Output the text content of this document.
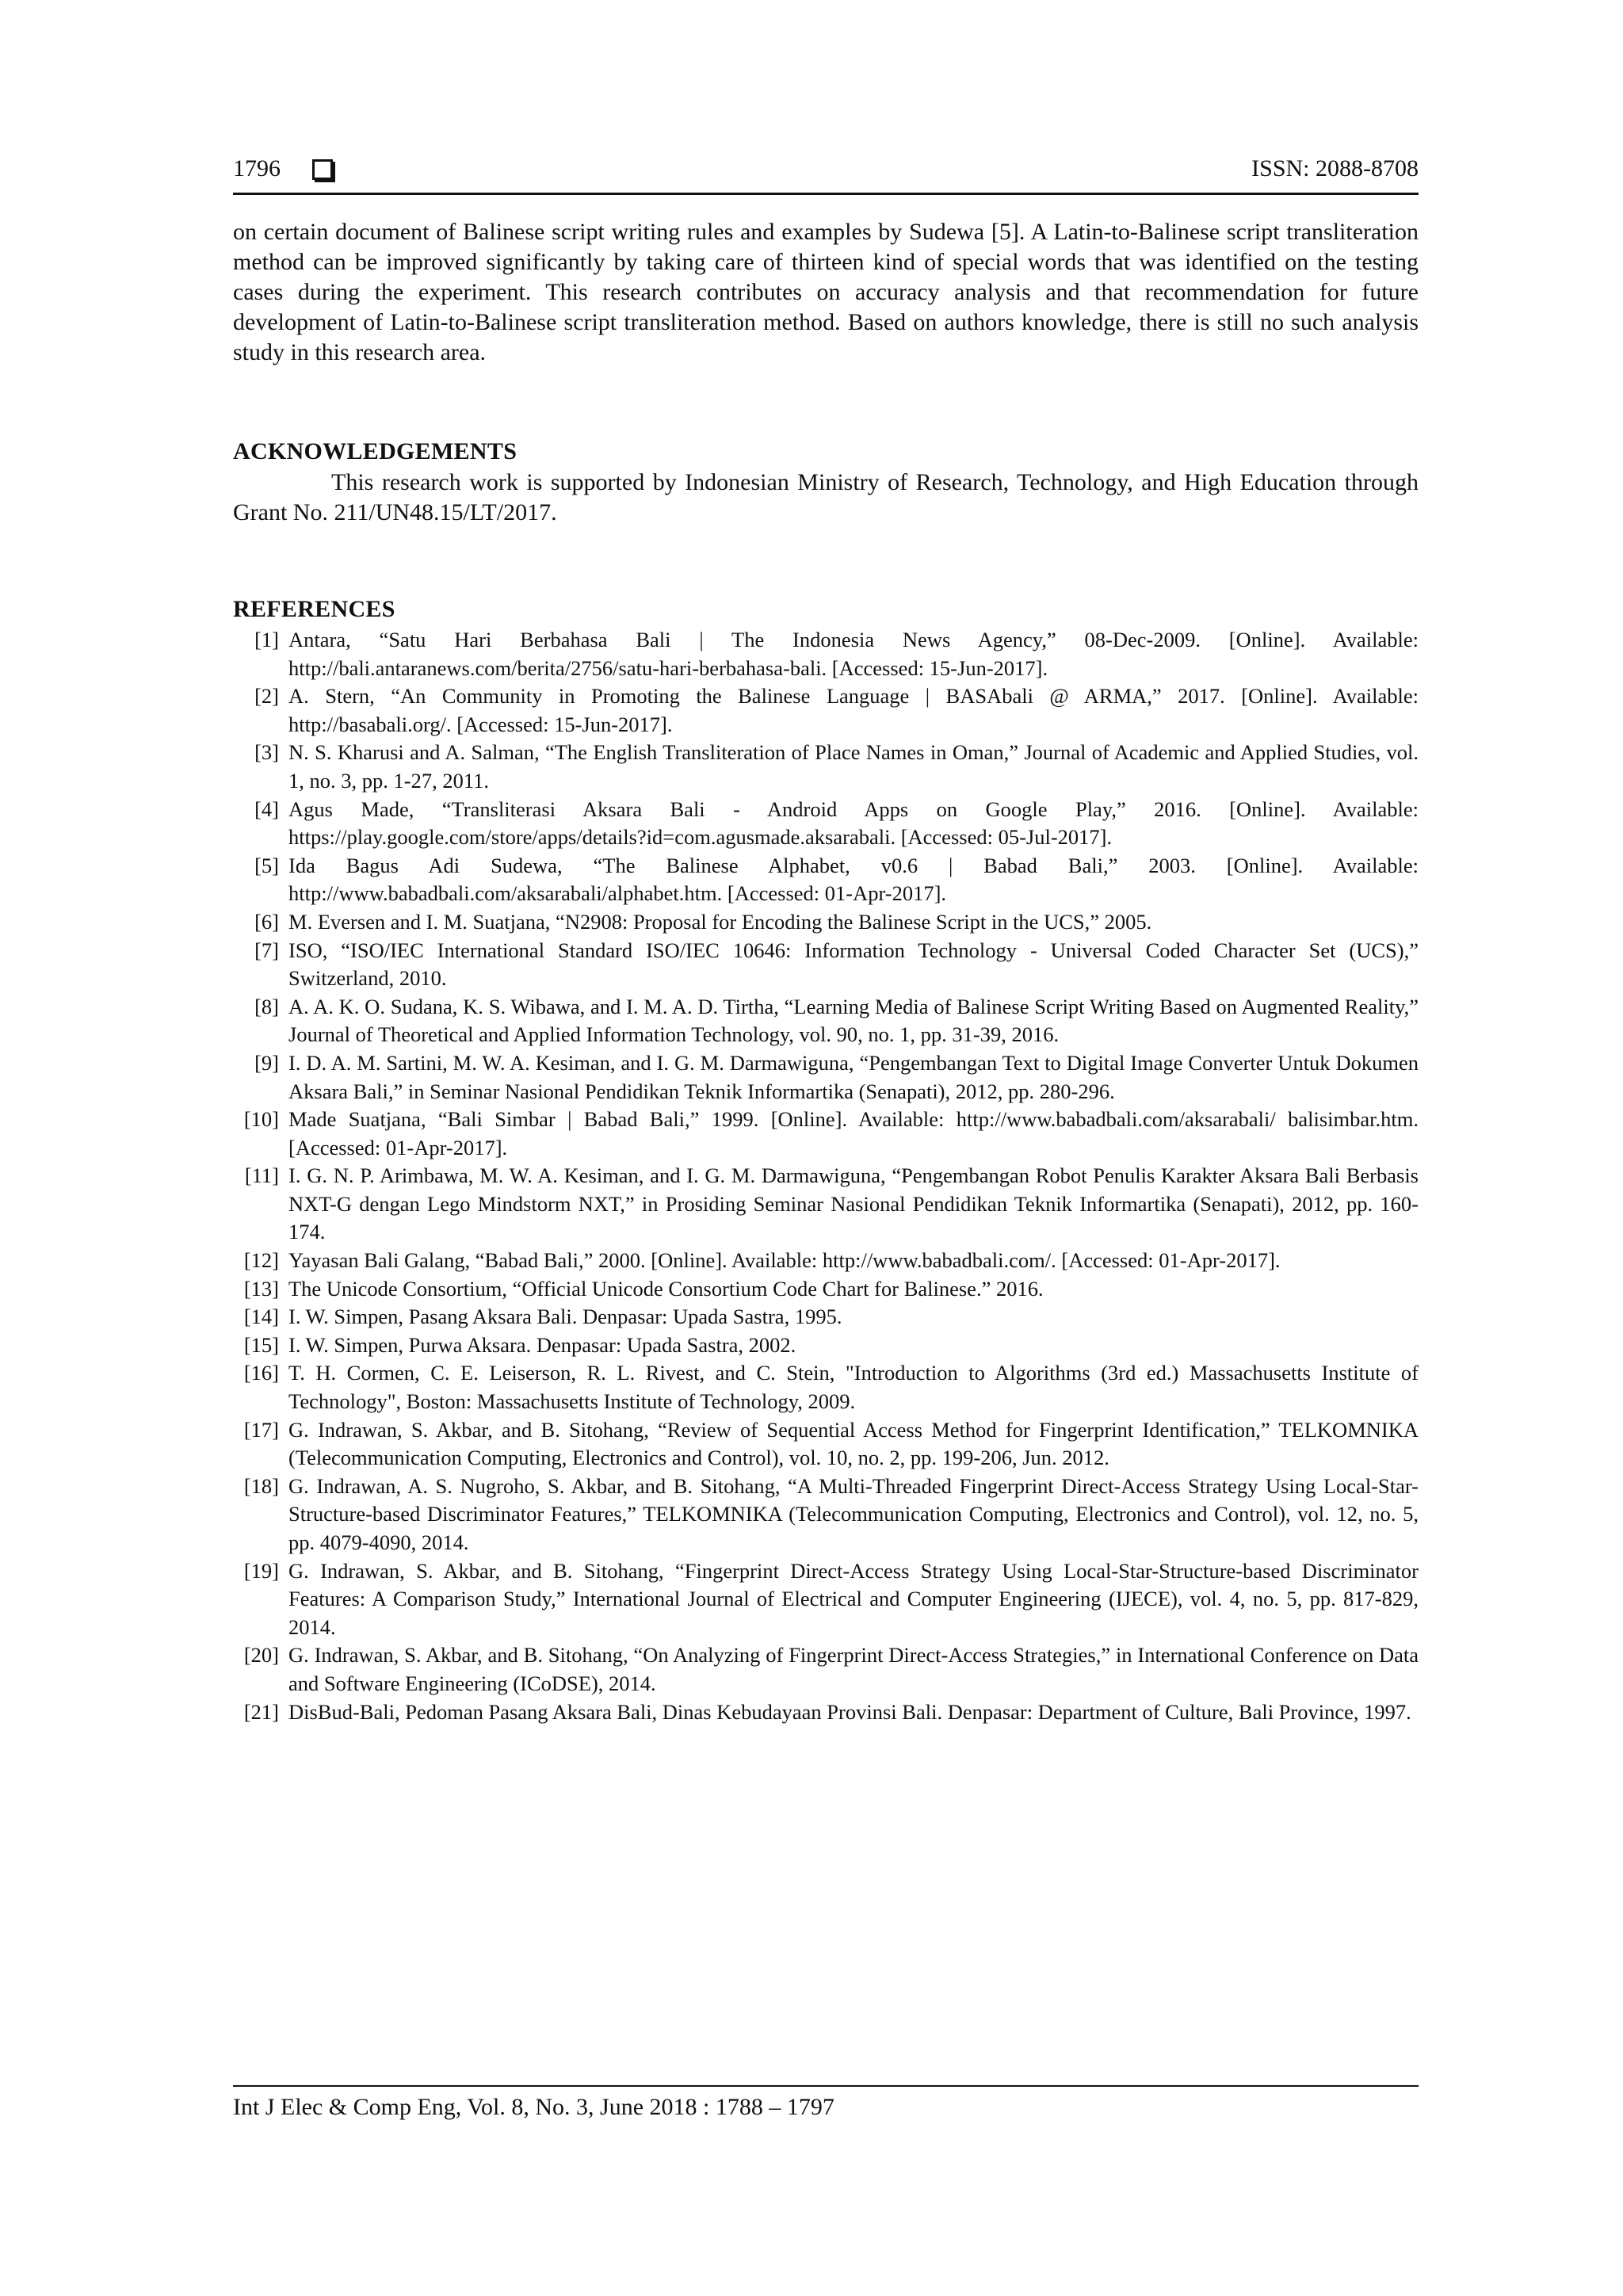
1796	ISSN: 2088-8708
on certain document of Balinese script writing rules and examples by Sudewa [5]. A Latin-to-Balinese script transliteration method can be improved significantly by taking care of thirteen kind of special words that was identified on the testing cases during the experiment. This research contributes on accuracy analysis and that recommendation for future development of Latin-to-Balinese script transliteration method. Based on authors knowledge, there is still no such analysis study in this research area.
ACKNOWLEDGEMENTS
This research work is supported by Indonesian Ministry of Research, Technology, and High Education through Grant No. 211/UN48.15/LT/2017.
REFERENCES
[1] Antara, “Satu Hari Berbahasa Bali | The Indonesia News Agency,” 08-Dec-2009. [Online]. Available: http://bali.antaranews.com/berita/2756/satu-hari-berbahasa-bali. [Accessed: 15-Jun-2017].
[2] A. Stern, “An Community in Promoting the Balinese Language | BASAbali @ ARMA,” 2017. [Online]. Available: http://basabali.org/. [Accessed: 15-Jun-2017].
[3] N. S. Kharusi and A. Salman, “The English Transliteration of Place Names in Oman,” Journal of Academic and Applied Studies, vol. 1, no. 3, pp. 1-27, 2011.
[4] Agus Made, “Transliterasi Aksara Bali - Android Apps on Google Play,” 2016. [Online]. Available: https://play.google.com/store/apps/details?id=com.agusmade.aksarabali. [Accessed: 05-Jul-2017].
[5] Ida Bagus Adi Sudewa, “The Balinese Alphabet, v0.6 | Babad Bali,” 2003. [Online]. Available: http://www.babadbali.com/aksarabali/alphabet.htm. [Accessed: 01-Apr-2017].
[6] M. Eversen and I. M. Suatjana, “N2908: Proposal for Encoding the Balinese Script in the UCS,” 2005.
[7] ISO, “ISO/IEC International Standard ISO/IEC 10646: Information Technology - Universal Coded Character Set (UCS),” Switzerland, 2010.
[8] A. A. K. O. Sudana, K. S. Wibawa, and I. M. A. D. Tirtha, “Learning Media of Balinese Script Writing Based on Augmented Reality,” Journal of Theoretical and Applied Information Technology, vol. 90, no. 1, pp. 31-39, 2016.
[9] I. D. A. M. Sartini, M. W. A. Kesiman, and I. G. M. Darmawiguna, “Pengembangan Text to Digital Image Converter Untuk Dokumen Aksara Bali,” in Seminar Nasional Pendidikan Teknik Informartika (Senapati), 2012, pp. 280-296.
[10] Made Suatjana, “Bali Simbar | Babad Bali,” 1999. [Online]. Available: http://www.babadbali.com/aksarabali/ balisimbar.htm. [Accessed: 01-Apr-2017].
[11] I. G. N. P. Arimbawa, M. W. A. Kesiman, and I. G. M. Darmawiguna, “Pengembangan Robot Penulis Karakter Aksara Bali Berbasis NXT-G dengan Lego Mindstorm NXT,” in Prosiding Seminar Nasional Pendidikan Teknik Informartika (Senapati), 2012, pp. 160-174.
[12] Yayasan Bali Galang, “Babad Bali,” 2000. [Online]. Available: http://www.babadbali.com/. [Accessed: 01-Apr-2017].
[13] The Unicode Consortium, “Official Unicode Consortium Code Chart for Balinese.” 2016.
[14] I. W. Simpen, Pasang Aksara Bali. Denpasar: Upada Sastra, 1995.
[15] I. W. Simpen, Purwa Aksara. Denpasar: Upada Sastra, 2002.
[16] T. H. Cormen, C. E. Leiserson, R. L. Rivest, and C. Stein, "Introduction to Algorithms (3rd ed.) Massachusetts Institute of Technology", Boston: Massachusetts Institute of Technology, 2009.
[17] G. Indrawan, S. Akbar, and B. Sitohang, “Review of Sequential Access Method for Fingerprint Identification,” TELKOMNIKA (Telecommunication Computing, Electronics and Control), vol. 10, no. 2, pp. 199-206, Jun. 2012.
[18] G. Indrawan, A. S. Nugroho, S. Akbar, and B. Sitohang, “A Multi-Threaded Fingerprint Direct-Access Strategy Using Local-Star-Structure-based Discriminator Features,” TELKOMNIKA (Telecommunication Computing, Electronics and Control), vol. 12, no. 5, pp. 4079-4090, 2014.
[19] G. Indrawan, S. Akbar, and B. Sitohang, “Fingerprint Direct-Access Strategy Using Local-Star-Structure-based Discriminator Features: A Comparison Study,” International Journal of Electrical and Computer Engineering (IJECE), vol. 4, no. 5, pp. 817-829, 2014.
[20] G. Indrawan, S. Akbar, and B. Sitohang, “On Analyzing of Fingerprint Direct-Access Strategies,” in International Conference on Data and Software Engineering (ICoDSE), 2014.
[21] DisBud-Bali, Pedoman Pasang Aksara Bali, Dinas Kebudayaan Provinsi Bali. Denpasar: Department of Culture, Bali Province, 1997.
Int J Elec & Comp Eng, Vol. 8, No. 3, June 2018 : 1788 – 1797
